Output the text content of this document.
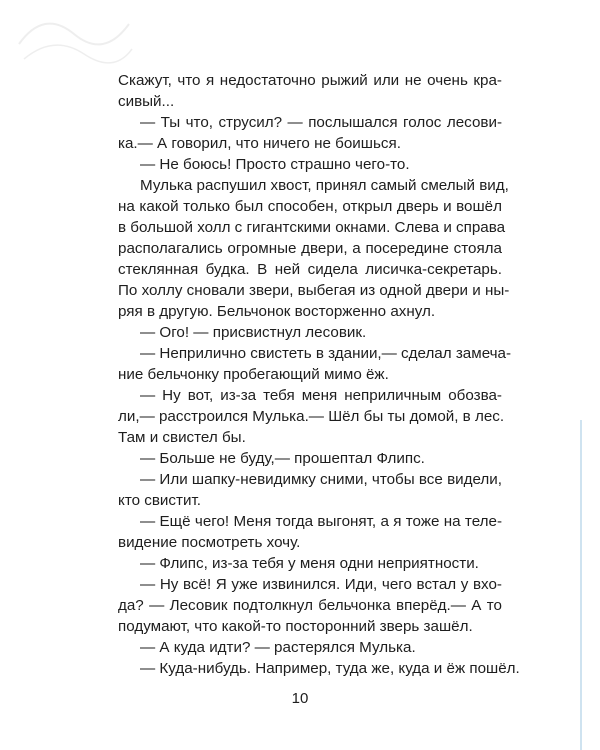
Скажут, что я недостаточно рыжий или не очень кра-
сивый...
— Ты что, струсил? — послышался голос лесови-
ка.— А говорил, что ничего не боишься.
— Не боюсь! Просто страшно чего-то.
Мулька распушил хвост, принял самый смелый вид,
на какой только был способен, открыл дверь и вошёл
в большой холл с гигантскими окнами. Слева и справа
располагались огромные двери, а посередине стояла
стеклянная будка. В ней сидела лисичка-секретарь.
По холлу сновали звери, выбегая из одной двери и ны-
ряя в другую. Бельчонок восторженно ахнул.
— Ого! — присвистнул лесовик.
— Неприлично свистеть в здании,— сделал замеча-
ние бельчонку пробегающий мимо ёж.
— Ну вот, из-за тебя меня неприличным обозва-
ли,— расстроился Мулька.— Шёл бы ты домой, в лес.
Там и свистел бы.
— Больше не буду,— прошептал Флипс.
— Или шапку-невидимку сними, чтобы все видели,
кто свистит.
— Ещё чего! Меня тогда выгонят, а я тоже на теле-
видение посмотреть хочу.
— Флипс, из-за тебя у меня одни неприятности.
— Ну всё! Я уже извинился. Иди, чего встал у вхо-
да? — Лесовик подтолкнул бельчонка вперёд.— А то
подумают, что какой-то посторонний зверь зашёл.
— А куда идти? — растерялся Мулька.
— Куда-нибудь. Например, туда же, куда и ёж пошёл.
10
